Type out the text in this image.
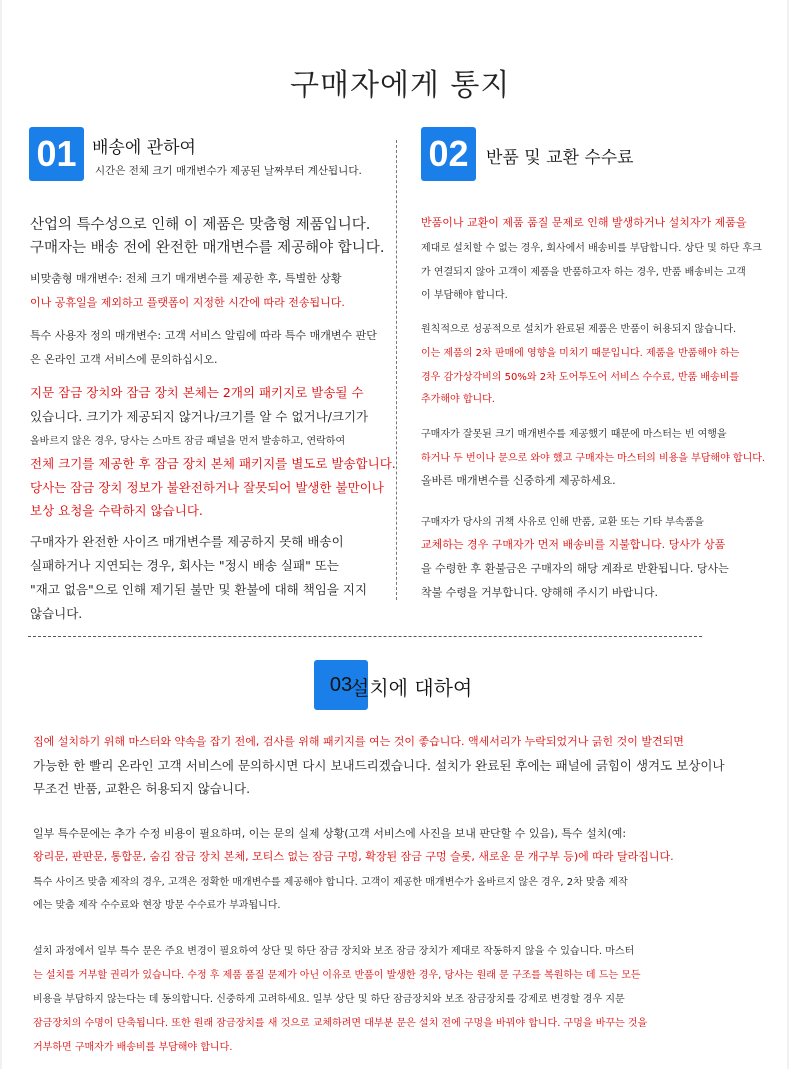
구매자에게 통지
01 배송에 관하여
시간은 전체 크기 매개변수가 제공된 날짜부터 계산됩니다. 02	반품 및 교환 수수료
산업의 특수성으로 인해 이 제품은 맞춤형 제품입니다.
구매자는 배송 전에 완전한 매개변수를 제공해야 합니다.
비맞춤형 매개변수: 전체 크기 매개변수를 제공한 후, 특별한 상황
이나 공휴일을 제외하고 플랫폼이 지정한 시간에 따라 전송됩니다.
특수 사용자 정의 매개변수: 고객 서비스 알림에 따라 특수 매개변수 판단
은 온라인 고객 서비스에 문의하십시오.
지문 잠금 장치와 잠금 장치 본체는 2개의 패키지로 발송될 수
있습니다. 크기가 제공되지 않거나/크기를 알 수 없거나/크기가
올바르지 않은 경우, 당사는 스마트 잠금 패널을 먼저 발송하고, 연락하여
전체 크기를 제공한 후 잠금 장치 본체 패키지를 별도로 발송합니다.
당사는 잠금 장치 정보가 불완전하거나 잘못되어 발생한 불만이나
보상 요청을 수락하지 않습니다.
구매자가 완전한 사이즈 매개변수를 제공하지 못해 배송이
실패하거나 지연되는 경우, 회사는 "정시 배송 실패" 또는
"재고 없음"으로 인해 제기된 불만 및 환불에 대해 책임을 지지
않습니다.
반품이나 교환이 제품 품질 문제로 인해 발생하거나 설치자가 제품을
제대로 설치할 수 없는 경우, 회사에서 배송비를 부담합니다. 상단 및 하단 후크
가 연결되지 않아 고객이 제품을 반품하고자 하는 경우, 반품 배송비는 고객
이 부담해야 합니다.
원칙적으로 성공적으로 설치가 완료된 제품은 반품이 허용되지 않습니다.
이는 제품의 2차 판매에 영향을 미치기 때문입니다. 제품을 반품해야 하는
경우 감가상각비의 50%와 2차 도어투도어 서비스 수수료, 반품 배송비를
추가해야 합니다.
구매자가 잘못된 크기 매개변수를 제공했기 때문에 마스터는 빈 여행을
하거나 두 번이나 문으로 와야 했고 구매자는 마스터의 비용을 부담해야 합니다.
올바른 매개변수를 신중하게 제공하세요.
구매자가 당사의 귀책 사유로 인해 반품, 교환 또는 기타 부속품을
교체하는 경우 구매자가 먼저 배송비를 지불합니다. 당사가 상품
을 수령한 후 환불금은 구매자의 해당 계좌로 반환됩니다. 당사는
착불 수령을 거부합니다. 양해해 주시기 바랍니다.
03
설치에 대하여
집에 설치하기 위해 마스터와 약속을 잡기 전에, 검사를 위해 패키지를 여는 것이 좋습니다. 액세서리가 누락되었거나 긁힌 것이 발견되면
가능한 한 빨리 온라인 고객 서비스에 문의하시면 다시 보내드리겠습니다. 설치가 완료된 후에는 패널에 긁힘이 생겨도 보상이나
무조건 반품, 교환은 허용되지 않습니다.
일부 특수문에는 추가 수정 비용이 필요하며, 이는 문의 실제 상황(고객 서비스에 사진을 보내 판단할 수 있음), 특수 설치(예:
왕리문, 판판문, 통합문, 숨김 잠금 장치 본체, 모티스 없는 잠금 구멍, 확장된 잠금 구멍 슬롯, 새로운 문 개구부 등)에 따라 달라집니다.
특수 사이즈 맞춤 제작의 경우, 고객은 정확한 매개변수를 제공해야 합니다. 고객이 제공한 매개변수가 올바르지 않은 경우, 2차 맞춤 제작
에는 맞춤 제작 수수료와 현장 방문 수수료가 부과됩니다.
설치 과정에서 일부 특수 문은 주요 변경이 필요하여 상단 및 하단 잠금 장치와 보조 잠금 장치가 제대로 작동하지 않을 수 있습니다. 마스터
는 설치를 거부할 권리가 있습니다. 수정 후 제품 품질 문제가 아닌 이유로 반품이 발생한 경우, 당사는 원래 문 구조를 복원하는 데 드는 모든
비용을 부담하지 않는다는 데 동의합니다. 신중하게 고려하세요. 일부 상단 및 하단 잠금장치와 보조 잠금장치를 강제로 변경할 경우 지문
잠금장치의 수명이 단축됩니다. 또한 원래 잠금장치를 새 것으로 교체하려면 대부분 문은 설치 전에 구멍을 바꿔야 합니다. 구멍을 바꾸는 것을
거부하면 구매자가 배송비를 부담해야 합니다.
